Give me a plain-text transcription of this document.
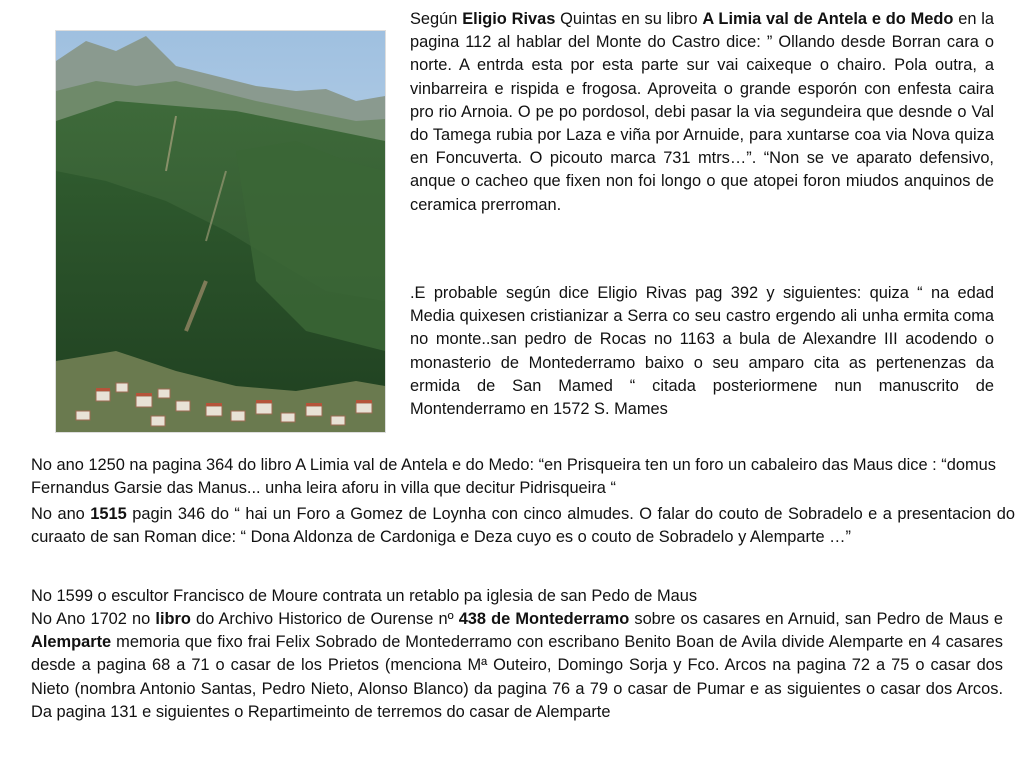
Según Eligio Rivas Quintas en su libro A Limia val de Antela e do Medo en la pagina 112 al hablar del Monte do Castro dice: ” Ollando desde Borran cara o norte. A entrda esta por esta parte sur vai caixeque o chairo. Pola outra, a vinbarreira e rispida e frogosa. Aproveita o grande esporón con enfesta caira pro rio Arnoia. O pe po pordosol, debi pasar la via segundeira que desnde o Val do Tamega rubia por Laza e viña por Arnuide, para xuntarse coa via Nova quiza en Foncuverta. O picouto marca 731 mtrs…”. “Non se ve aparato defensivo, anque o cacheo que fixen non foi longo o que atopei foron miudos anquinos de ceramica prerroman.

.E probable según dice Eligio Rivas pag 392 y siguientes: quiza “ na edad Media quixesen cristianizar a Serra co seu castro ergendo ali unha ermita coma no monte..san pedro de Rocas no 1163 a bula de Alexandre III acodendo o monasterio de Montederramo baixo o seu amparo cita as pertenenzas da ermida de San Mamed “ citada posteriormene nun manuscrito de Montenderramo en 1572 S. Mames

No ano 1250 na pagina 364 do libro A Limia val de Antela e do Medo: “en Prisqueira ten un foro un cabaleiro das Maus dice : “domus Fernandus Garsie das Manus... unha leira aforu in villa que decitur Pidrisqueira “

No ano 1515 pagin 346 do “ hai un Foro a Gomez de Loynha con cinco almudes. O falar do couto de Sobradelo e a presentacion do curaato de san Roman dice: “ Dona Aldonza de Cardoniga e Deza cuyo es o couto de Sobradelo y Alemparte …”

No 1599 o escultor Francisco de Moure contrata un retablo pa iglesia de san Pedo de Maus

No Ano 1702 no libro do Archivo Historico de Ourense nº 438 de Montederramo sobre os casares en Arnuid, san Pedro de Maus e Alemparte memoria que fixo frai Felix Sobrado de Montederramo con escribano Benito Boan de Avila divide Alemparte en 4 casares desde a pagina 68 a 71 o casar de los Prietos (menciona Mª Outeiro, Domingo Sorja y Fco. Arcos na pagina 72 a 75 o casar dos Nieto (nombra Antonio Santas, Pedro Nieto, Alonso Blanco) da pagina 76 a 79 o casar de Pumar e as siguientes o casar dos Arcos. Da pagina 131 e siguientes o Repartimeinto de terremos do casar de Alemparte
